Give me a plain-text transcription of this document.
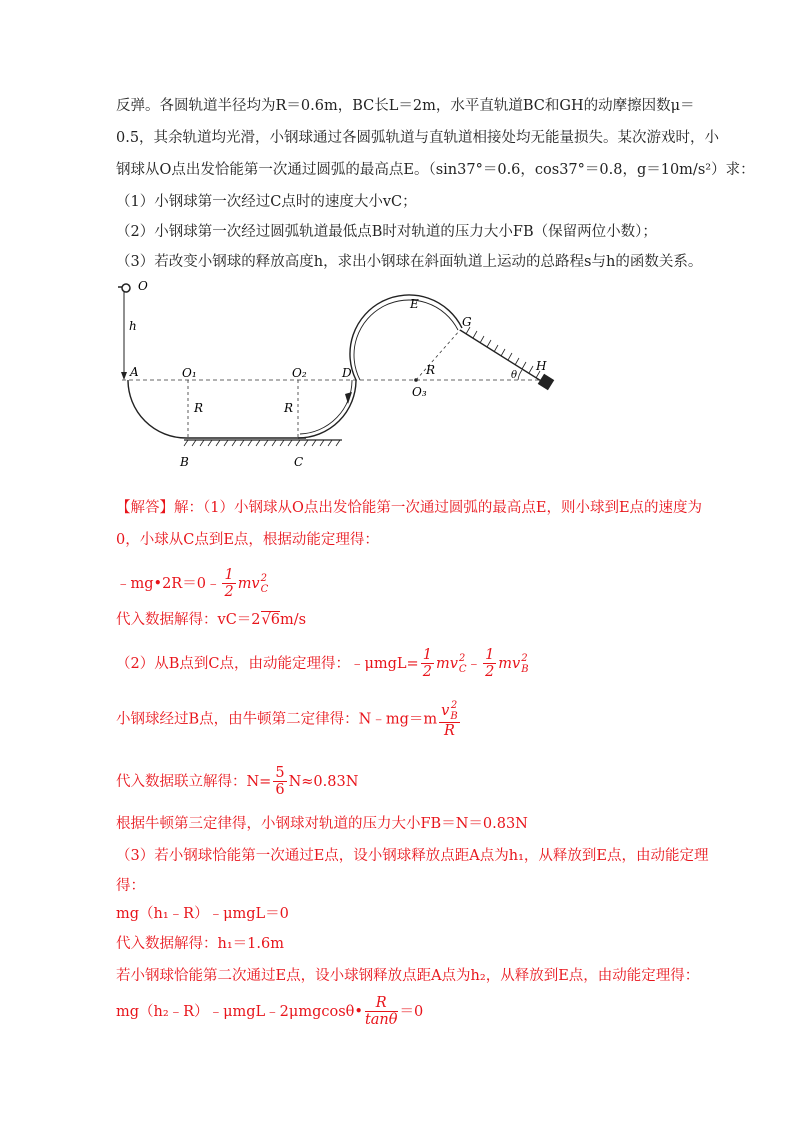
反弹。各圆轨道半径均为R＝0.6m，BC长L＝2m，水平直轨道BC和GH的动摩擦因数μ＝
0.5，其余轨道均光滑，小钢球通过各圆弧轨道与直轨道相接处均无能量损失。某次游戏时，小
钢球从O点出发恰能第一次通过圆弧的最高点E。（sin37°＝0.6，cos37°＝0.8，g＝10m/s²）求：
（1）小钢球第一次经过C点时的速度大小vC；
（2）小钢球第一次经过圆弧轨道最低点B时对轨道的压力大小FB（保留两位小数）；
（3）若改变小钢球的释放高度h，求出小钢球在斜面轨道上运动的总路程s与h的函数关系。
O
h
A	O₁	O₂	D
R	R
B	C
E
G
R
O₃
θ
H
【解答】解：（1）小钢球从O点出发恰能第一次通过圆弧的最高点E，则小球到E点的速度为
0，小球从C点到E点，根据动能定理得：
﹣mg•2R＝0﹣ $\frac{1}{2}$ mv 2
C
代入数据解得：vC＝2√6m/s
（2）从B点到C点，由动能定理得：﹣μmgL= $\frac{1}{2}$ mv 2
C ﹣ $\frac{1}{2}$ mv 2
B
小钢球经过B点，由牛顿第二定律得：N﹣mg＝m v 2
B
R
代入数据联立解得：$N= \frac{5}{6} N\approx 0.83N$
根据牛顿第三定律得，小钢球对轨道的压力大小FB＝N＝0.83N
（3）若小钢球恰能第一次通过E点，设小钢球释放点距A点为h₁，从释放到E点，由动能定理
得：
mg（h₁﹣R）﹣μmgL＝0
代入数据解得：h₁＝1.6m
若小钢球恰能第二次通过E点，设小球钢释放点距A点为h₂，从释放到E点，由动能定理得：
mg（h₂﹣R）﹣μmgL﹣2μmgcosθ• $\frac{R}{\tan\theta} =0$
